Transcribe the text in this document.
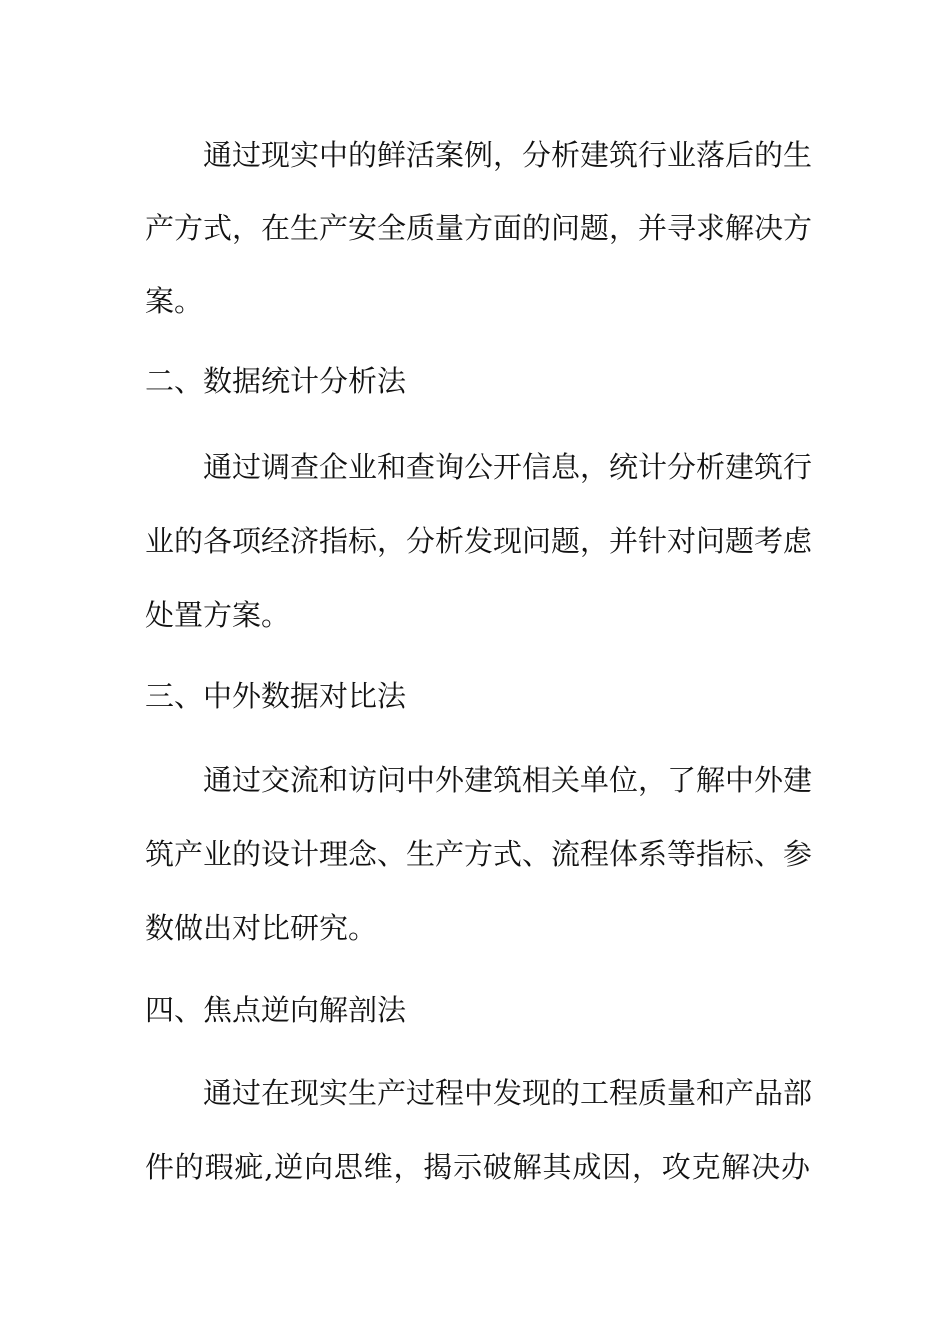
通过现实中的鲜活案例，分析建筑行业落后的生
产方式，在生产安全质量方面的问题，并寻求解决方
案。
二、数据统计分析法
通过调查企业和查询公开信息，统计分析建筑行
业的各项经济指标，分析发现问题，并针对问题考虑
处置方案。
三、中外数据对比法
通过交流和访问中外建筑相关单位，了解中外建
筑产业的设计理念、生产方式、流程体系等指标、参
数做出对比研究。
四、焦点逆向解剖法
通过在现实生产过程中发现的工程质量和产品部
件的瑕疵,逆向思维，揭示破解其成因，攻克解决办
